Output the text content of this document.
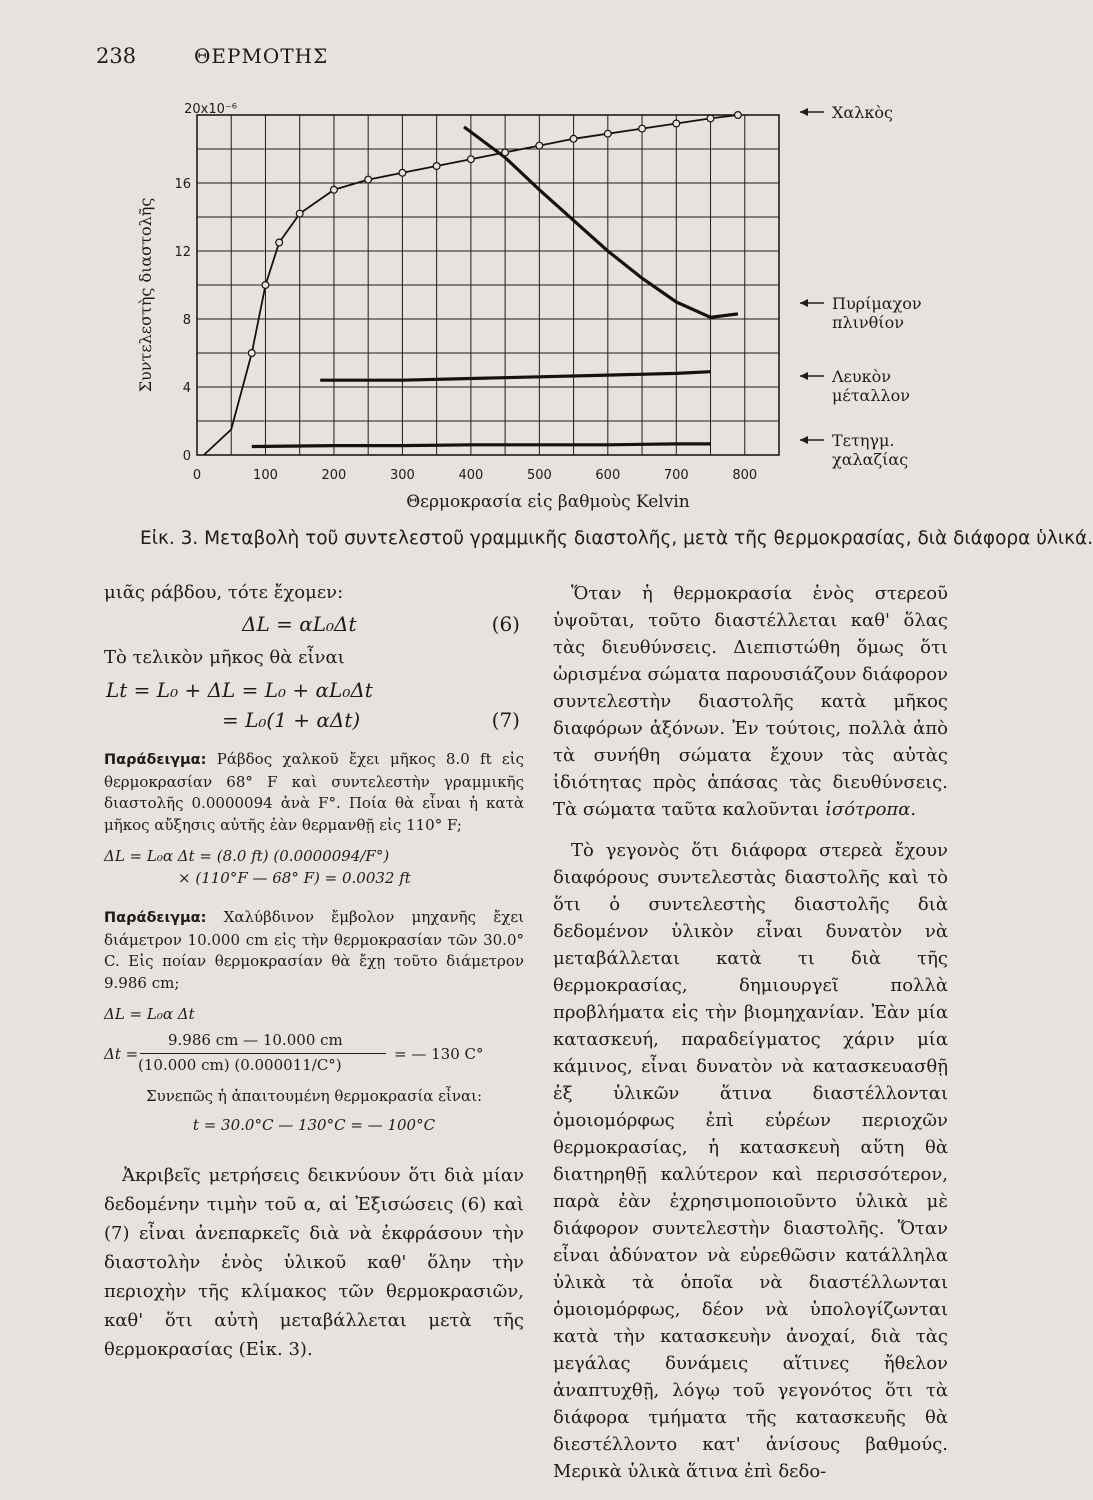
238	ΘΕΡΜΟΤΗΣ
0	100	200	300	400	500	600	700	800
0
4
8
12
16
20x10⁻⁶
Θερμοκρασία εἰς βαθμοὺς Kelvin
Συντελεστὴς διαστολῆς
Χαλκὸς
Πυρίμαχον
πλινθίον
Λευκὸν
μέταλλον
Τετηγμ.
χαλαζίας
Εἰκ. 3. Μεταβολὴ τοῦ συντελεστοῦ γραμμικῆς διαστολῆς, μετὰ τῆς θερμοκρασίας, διὰ διάφορα ὑλικά.

μιᾶς ράβδου, τότε ἔχομεν:

ΔL = αL₀Δt	(6)

Τὸ τελικὸν μῆκος θὰ εἶναι

Lt = L₀ + ΔL = L₀ + αL₀Δt
= L₀(1 + αΔt)	(7)
Παράδειγμα: Ράβδος χαλκοῦ ἔχει μῆκος 8.0 ft εἰς θερμοκρασίαν 68° F καὶ συντελεστὴν γραμμικῆς διαστολῆς 0.0000094 ἀνὰ F°. Ποία θὰ εἶναι ἡ κατὰ μῆκος αὔξησις αὐτῆς ἐὰν θερμανθῇ εἰς 110° F;
ΔL = L₀α Δt = (8.0 ft) (0.0000094/F°)
× (110°F — 68° F) = 0.0032 ft
Παράδειγμα: Χαλύβδινον ἔμβολον μηχανῆς ἔχει διάμετρον 10.000 cm εἰς τὴν θερμοκρασίαν τῶν 30.0° C. Εἰς ποίαν θερμοκρασίαν θὰ ἔχῃ τοῦτο διάμετρον 9.986 cm;
ΔL = L₀α Δt
Δt =
9.986 cm — 10.000 cm
(10.000 cm) (0.000011/C°)
= — 130 C°
Συνεπῶς ἡ ἀπαιτουμένη θερμοκρασία εἶναι:
t = 30.0°C — 130°C = — 100°C

Ἀκριβεῖς μετρήσεις δεικνύουν ὅτι διὰ μίαν δεδομένην τιμὴν τοῦ α, αἱ Ἐξισώσεις (6) καὶ (7) εἶναι ἀνεπαρκεῖς διὰ νὰ ἐκφράσουν τὴν διαστολὴν ἑνὸς ὑλικοῦ καθ' ὅλην τὴν περιοχὴν τῆς κλίμακος τῶν θερμοκρασιῶν, καθ' ὅτι αὐτὴ μεταβάλλεται μετὰ τῆς θερμοκρασίας (Εἰκ. 3).

Ὅταν ἡ θερμοκρασία ἑνὸς στερεοῦ ὑψοῦται, τοῦτο διαστέλλεται καθ' ὅλας τὰς διευθύνσεις. Διεπιστώθη ὅμως ὅτι ὡρισμένα σώματα παρουσιάζουν διάφορον συντελεστὴν διαστολῆς κατὰ μῆκος διαφόρων ἀξόνων. Ἐν τούτοις, πολλὰ ἀπὸ τὰ συνήθη σώματα ἔχουν τὰς αὐτὰς ἰδιότητας πρὸς ἁπάσας τὰς διευθύνσεις. Τὰ σώματα ταῦτα καλοῦνται ἰσότροπα.

Τὸ γεγονὸς ὅτι διάφορα στερεὰ ἔχουν διαφόρους συντελεστὰς διαστολῆς καὶ τὸ ὅτι ὁ συντελεστὴς διαστολῆς διὰ δεδομένον ὑλικὸν εἶναι δυνατὸν νὰ μεταβάλλεται κατὰ τι διὰ τῆς θερμοκρασίας, δημιουργεῖ πολλὰ προβλήματα εἰς τὴν βιομηχανίαν. Ἐὰν μία κατασκευή, παραδείγματος χάριν μία κάμινος, εἶναι δυνατὸν νὰ κατασκευασθῇ ἐξ ὑλικῶν ἅτινα διαστέλλονται ὁμοιομόρφως ἐπὶ εὐρέων περιοχῶν θερμοκρασίας, ἡ κατασκευὴ αὕτη θὰ διατηρηθῇ καλύτερον καὶ περισσότερον, παρὰ ἐὰν ἐχρησιμοποιοῦντο ὑλικὰ μὲ διάφορον συντελεστὴν διαστολῆς. Ὅταν εἶναι ἀδύνατον νὰ εὑρεθῶσιν κατάλληλα ὑλικὰ τὰ ὁποῖα νὰ διαστέλλωνται ὁμοιομόρφως, δέον νὰ ὑπολογίζωνται κατὰ τὴν κατασκευὴν ἀνοχαί, διὰ τὰς μεγάλας δυνάμεις αἵτινες ἤθελον ἀναπτυχθῇ, λόγῳ τοῦ γεγονότος ὅτι τὰ διάφορα τμήματα τῆς κατασκευῆς θὰ διεστέλλοντο κατ' ἀνίσους βαθμούς. Μερικὰ ὑλικὰ ἅτινα ἐπὶ δεδο-
